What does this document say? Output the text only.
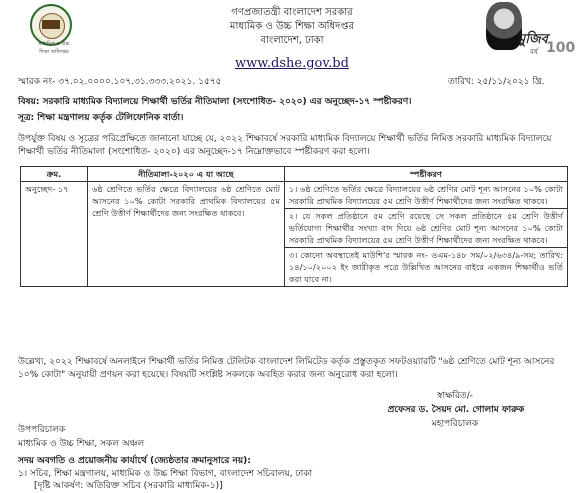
মাধ্যমিক ও উচ্চ শিক্ষা অধিদপ্তর
গণপ্রজাতন্ত্রী বাংলাদেশ সরকার
মাধ্যমিক ও উচ্চ শিক্ষা অধিদপ্তর
বাংলাদেশ, ঢাকা
www.dshe.gov.bd
মুজিব
বর্ষ 100
স্মারক নং- ৩৭.০২.০০০০.১০৭.৩১.৩৩৩.২০২১. ১৫৭৫	তারিখ: ২৫/১১/২০২১ খ্রি.
বিষয়: সরকারি মাধ্যমিক বিদ্যালয়ে শিক্ষার্থী ভর্তির নীতিমালা (সংশোধিত- ২০২০) এর অনুচ্ছেদ-১৭ স্পষ্টীকরণ।
সূত্র: শিক্ষা মন্ত্রণালয় কর্তৃক টেলিফোনিক বার্তা।
উপর্যুক্ত বিষয় ও সূত্রের পরিপ্রেক্ষিতে জানানো যাচ্ছে যে, ২০২২ শিক্ষাবর্ষে সরকারি মাধ্যমিক বিদ্যালয়ে শিক্ষার্থী ভর্তির নিমিত্ত সরকারি মাধ্যমিক বিদ্যালয়ে শিক্ষার্থী ভর্তির নীতিমালা (সংশোধিত- ২০২০) এর অনুচ্ছেদ-১৭ নিম্নোক্তভাবে স্পষ্টীকরণ করা হলো।
ক্রম.	নীতিমালা-২০২০ এ যা আছে	স্পষ্টীকরণ
অনুচ্ছেদ- ১৭	৬ষ্ঠ শ্রেণিতে ভর্তির ক্ষেত্রে বিদ্যালয়ের ৬ষ্ঠ শ্রেণিতে মোট আসনের ১০% কোটা সরকারি প্রাথমিক বিদ্যালয়ের ৫ম শ্রেণি উত্তীর্ণ শিক্ষার্থীদের জন্য সংরক্ষিত থাকবে।	১। ৬ষ্ঠ শ্রেণিতে ভর্তির ক্ষেত্রে বিদ্যালয়ের ৬ষ্ঠ শ্রেণির মোট শূন্য আসনের ১০% কোটা সরকারি প্রাথমিক বিদ্যালয়ের ৫ম শ্রেণি উত্তীর্ণ শিক্ষার্থীদের জন্য সংরক্ষিত থাকবে।
২। যে সকল প্রতিষ্ঠানে ৫ম শ্রেণি রয়েছে সে সকল প্রতিষ্ঠানে ৫ম শ্রেণি উত্তীর্ণ ভর্তিযোগ্য শিক্ষার্থীর সংখ্যা বাদ দিয়ে ৬ষ্ঠ শ্রেণির মোট শূন্য আসনের ১০% কোটা সরকারি প্রাথমিক বিদ্যালয়ের ৫ম শ্রেণি উত্তীর্ণ শিক্ষার্থীদের জন্য সংরক্ষিত থাকবে।
৩। কোনো অবস্থাতেই মাউশি'র স্মারক নং- ওএম-১৪৮ সম/০২/৬৩৪/৯-সম; তারিখ: ১৪/১০/২০০২ ইং জারীকৃত পত্রে উল্লিখিত আসনের বাইরে একজন শিক্ষার্থীও ভর্তি করা যাবে না।
উল্লেখ্য, ২০২২ শিক্ষাবর্ষে অনলাইনে শিক্ষার্থী ভর্তির নিমিত্ত টেলিটক বাংলাদেশ লিমিটেড কর্তৃক প্রস্তুতকৃত সফটওয়্যারটি "৬ষ্ঠ শ্রেণিতে মোট শূন্য আসনের ১০% কোটা" অনুযায়ী প্রণয়ন করা হয়েছে। বিষয়টি সংশ্লিষ্ট সকলকে অবহিত করার জন্য অনুরোধ করা হলো।
স্বাক্ষরিত/-
প্রফেসর ড. সৈয়দ মো. গোলাম ফারুক
মহাপরিচালক
উপপরিচালক
মাধ্যমিক ও উচ্চ শিক্ষা, সকল অঞ্চল
সদয় অবগতি ও প্রয়োজনীয় কার্যার্থে (জ্যেষ্ঠতার ক্রমানুসারে নয়):
১। সচিব, শিক্ষা মন্ত্রণালয়, মাধ্যমিক ও উচ্চ শিক্ষা বিভাগ, বাংলাদেশ সচিবালয়, ঢাকা
[দৃষ্টি আকর্ষণ: অতিরিক্ত সচিব (সরকারি মাধ্যমিক-১)]
